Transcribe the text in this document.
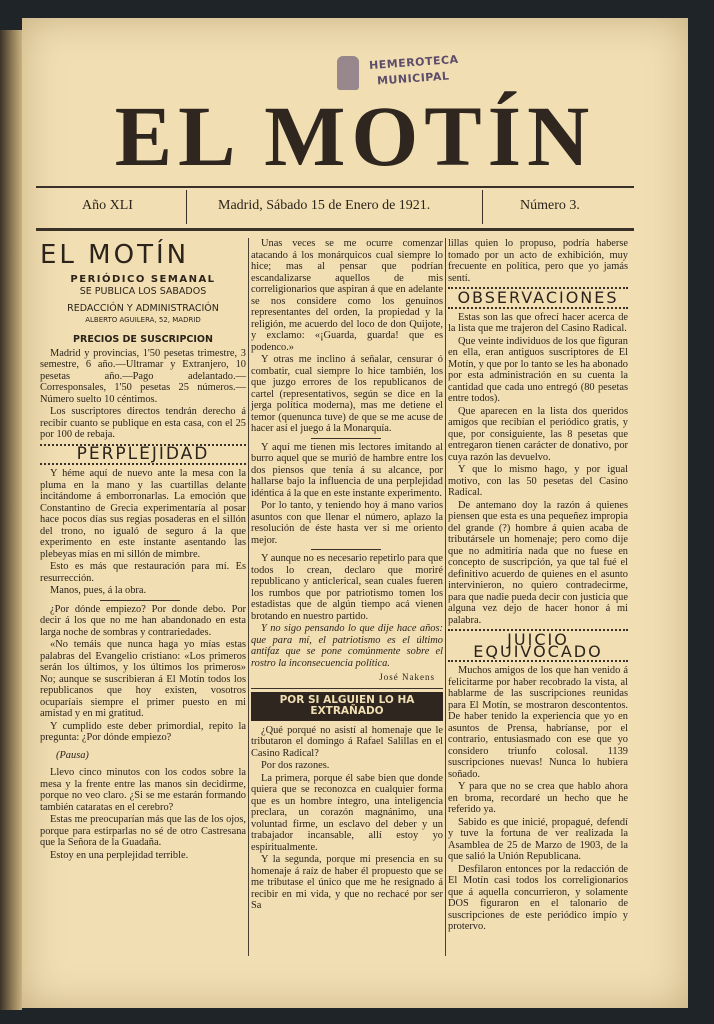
HEMEROTECA
MUNICIPAL
EL MOTÍN
Año XLI	Madrid, Sábado 15 de Enero de 1921.	Número 3.
EL MOTÍN
PERIÓDICO SEMANAL
SE PUBLICA LOS SABADOS
REDACCIÓN Y ADMINISTRACIÓN
ALBERTO AGUILERA, 52, MADRID
PRECIOS DE SUSCRIPCION

Madrid y provincias, 1'50 pesetas trimestre, 3 semestre, 6 año.—Ultramar y Extranjero, 10 pesetas año.—Pago adelantado.—Corresponsales, 1'50 pesetas 25 números.—Número suelto 10 céntimos.

Los suscriptores directos tendrán derecho á recibir cuanto se publique en esta casa, con el 25 por 100 de rebaja.

PERPLEJIDAD

Y héme aquí de nuevo ante la mesa con la pluma en la mano y las cuartillas delante incitándome á emborronarlas. La emoción que Constantino de Grecia experimentaría al posar hace pocos días sus regias posaderas en el sillón del trono, no igualó de seguro á la que experimento en este instante asentando las plebeyas mías en mi sillón de mimbre.

Esto es más que restauración para mí. Es resurrección.

Manos, pues, á la obra.

¿Por dónde empiezo? Por donde debo. Por decir á los que no me han abandonado en esta larga noche de sombras y contrariedades.

«No temáis que nunca haga yo mías estas palabras del Evangelio cristiano: «Los primeros serán los últimos, y los últimos los primeros» No; aunque se suscribieran á El Motín todos los republicanos que hoy existen, vosotros ocuparíais siempre el primer puesto en mi amistad y en mi gratitud.

Y cumplido este deber primordial, repito la pregunta: ¿Por dónde empiezo?

(Pausa)

Llevo cinco minutos con los codos sobre la mesa y la frente entre las manos sin decidirme, porque no veo claro. ¿Si se me estarán formando también cataratas en el cerebro?

Estas me preocuparían más que las de los ojos, porque para estirparlas no sé de otro Castresana que la Señora de la Guadaña.

Estoy en una perplejidad terrible.

Unas veces se me ocurre comenzar atacando á los monárquicos cual siempre lo hice; mas al pensar que podrían escandalizarse aquellos de mis correligionarios que aspiran á que en adelante se nos considere como los genuinos representantes del orden, la propiedad y la religión, me acuerdo del loco de don Quijote, y exclamo: «¡Guarda, guarda! que es podenco.»

Y otras me inclino á señalar, censurar ó combatir, cual siempre lo hice también, los que juzgo errores de los republicanos de cartel (representativos, según se dice en la jerga política moderna), mas me detiene el temor (quenunca tuve) de que se me acuse de hacer así el juego á la Monarquía.

Y aquí me tienen mis lectores imitando al burro aquel que se murió de hambre entre los dos piensos que tenía á su alcance, por hallarse bajo la influencia de una perplejidad idéntica á la que en este instante experimento.

Por lo tanto, y teniendo hoy á mano varios asuntos con que llenar el número, aplazo la resolución de éste hasta ver si me oriento mejor.

Y aunque no es necesario repetirlo para que todos lo crean, declaro que moriré republicano y anticlerical, sean cuales fueren los rumbos que por patriotismo tomen los estadistas que de algún tiempo acá vienen brotando en nuestro partido.

Y no sigo pensando lo que dije hace años: que para mí, el patriotismo es el último antifaz que se pone comúnmente sobre el rostro la inconsecuencia política.

José Nakens
POR SI ALGUIEN LO HA EXTRAÑADO

¿Qué porqué no asistí al homenaje que le tributaron el domingo á Rafael Salillas en el Casino Radical?

Por dos razones.

La primera, porque él sabe bien que donde quiera que se reconozca en cualquier forma que es un hombre íntegro, una inteligencia preclara, un corazón magnánimo, una voluntad firme, un esclavo del deber y un trabajador incansable, allí estoy yo espiritualmente.

Y la segunda, porque mi presencia en su homenaje á raíz de haber él propuesto que se me tributase el único que me he resignado á recibir en mi vida, y que no rechacé por ser Sa

lillas quien lo propuso, podría haberse tomado por un acto de exhibición, muy frecuente en política, pero que yo jamás sentí.

OBSERVACIONES

Estas son las que ofrecí hacer acerca de la lista que me trajeron del Casino Radical.

Que veinte individuos de los que figuran en ella, eran antiguos suscriptores de El Motín, y que por lo tanto se les ha abonado por esta administración en su cuenta la cantidad que cada uno entregó (80 pesetas entre todos).

Que aparecen en la lista dos queridos amigos que recibían el periódico gratis, y que, por consiguiente, las 8 pesetas que entregaron tienen carácter de donativo, por cuya razón las devuelvo.

Y que lo mismo hago, y por igual motivo, con las 50 pesetas del Casino Radical.

De antemano doy la razón á quienes piensen que esta es una pequeñez impropia del grande (?) hombre á quien acaba de tributársele un homenaje; pero como dije que no admitiría nada que no fuese en concepto de suscripción, ya que tal fué el definitivo acuerdo de quienes en el asunto intervinieron, no quiero contradecirme, para que nadie pueda decir con justicia que alguna vez dejo de hacer honor á mi palabra.

JUICIO EQUIVOCADO

Muchos amigos de los que han venido á felicitarme por haber recobrado la vista, al hablarme de las suscripciones reunidas para El Motín, se mostraron descontentos. De haber tenido la experiencia que yo en asuntos de Prensa, habríanse, por el contrario, entusiasmado con ese que yo considero triunfo colosal. 1139 suscripciones nuevas! Nunca lo hubiera soñado.

Y para que no se crea que hablo ahora en broma, recordaré un hecho que he referido ya.

Sabido es que inicié, propagué, defendí y tuve la fortuna de ver realizada la Asamblea de 25 de Marzo de 1903, de la que salió la Unión Republicana.

Desfilaron entonces por la redacción de El Motín casi todos los correligionarios que á aquella concurrieron, y solamente DOS figuraron en el talonario de suscripciones de este periódico impío y protervo.
